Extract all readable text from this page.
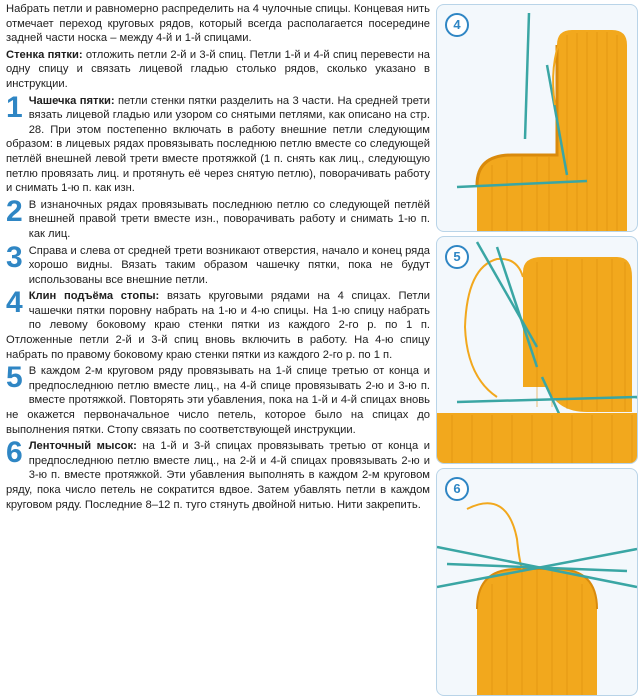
Набрать петли и равномерно распределить на 4 чулочные спицы. Концевая нить отмечает переход круговых рядов, который всегда располагается посередине задней части носка – между 4-й и 1-й спицами.

Стенка пятки: отложить петли 2-й и 3-й спиц. Петли 1-й и 4-й спиц перевести на одну спицу и связать лицевой гладью столько рядов, сколько указано в инструкции.

1 Чашечка пятки: петли стенки пятки разделить на 3 части. На средней трети вязать лицевой гладью или узором со снятыми петлями, как описано на стр. 28. При этом постепенно включать в работу внешние петли следующим образом: в лицевых рядах провязывать последнюю петлю вместе со следующей петлёй внешней левой трети вместе протяжкой (1 п. снять как лиц., следующую петлю провязать лиц. и протянуть её через снятую петлю), поворачивать работу и снимать 1-ю п. как изн.
2 В изнаночных рядах провязывать последнюю петлю со следующей петлёй внешней правой трети вместе изн., поворачивать работу и снимать 1-ю п. как лиц.
3 Справа и слева от средней трети возникают отверстия, начало и конец ряда хорошо видны. Вязать таким образом чашечку пятки, пока не будут использованы все внешние петли.
4 Клин подъёма стопы: вязать круговыми рядами на 4 спицах. Петли чашечки пятки поровну набрать на 1-ю и 4-ю спицы. На 1-ю спицу набрать по левому боковому краю стенки пятки из каждого 2-го р. по 1 п. Отложенные петли 2-й и 3-й спиц вновь включить в работу. На 4-ю спицу набрать по правому боковому краю стенки пятки из каждого 2-го р. по 1 п.
5 В каждом 2-м круговом ряду провязывать на 1-й спице третью от конца и предпоследнюю петлю вместе лиц., на 4-й спице провязывать 2-ю и 3-ю п. вместе протяжкой. Повторять эти убавления, пока на 1-й и 4-й спицах вновь не окажется первоначальное число петель, которое было на спицах до выполнения пятки. Стопу связать по соответствующей инструкции.
6 Ленточный мысок: на 1-й и 3-й спицах провязывать третью от конца и предпоследнюю петлю вместе лиц., на 2-й и 4-й спицах провязывать 2-ю и 3-ю п. вместе протяжкой. Эти убавления выполнять в каждом 2-м круговом ряду, пока число петель не сократится вдвое. Затем убавлять петли в каждом круговом ряду. Последние 8–12 п. туго стянуть двойной нитью. Нити закрепить.
4
5
6
